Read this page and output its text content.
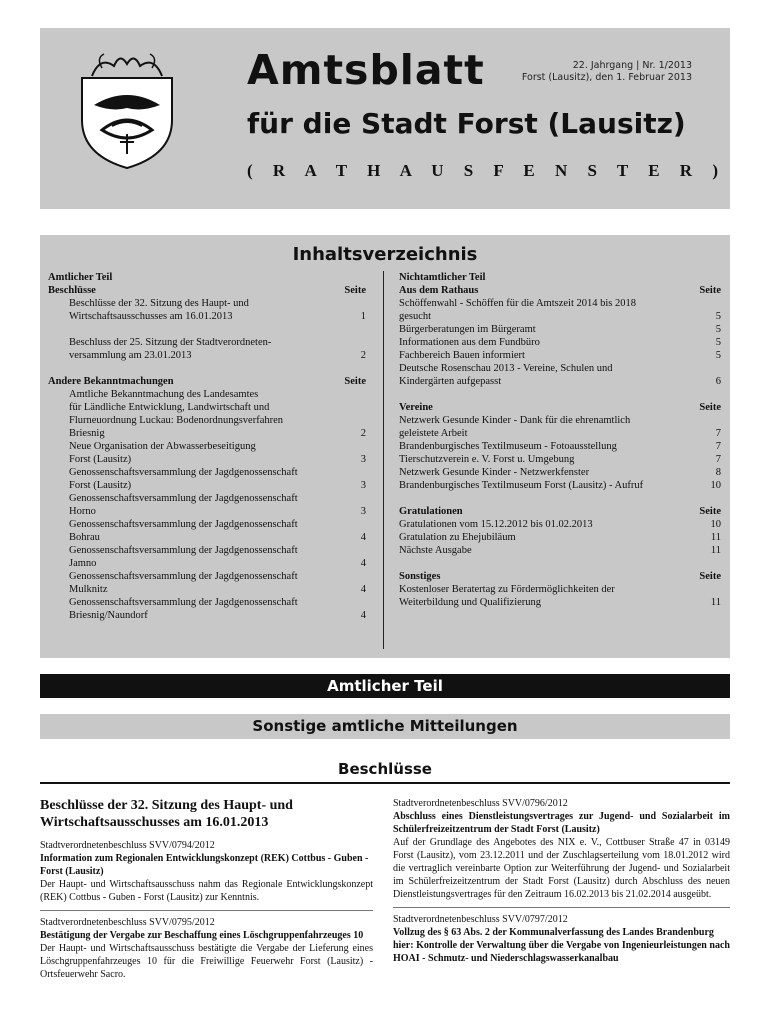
Amtsblatt	22. Jahrgang | Nr. 1/2013
Forst (Lausitz), den 1. Februar 2013
für die Stadt Forst (Lausitz)
( R A T H A U S F E N S T E R )
Inhaltsverzeichnis
Amtlicher Teil
Beschlüsse	Seite
Beschlüsse der 32. Sitzung des Haupt- und
Wirtschaftsausschusses am 16.01.2013	1
Beschluss der 25. Sitzung der Stadtverordneten-
versammlung am 23.01.2013	2
Andere Bekanntmachungen	Seite
Amtliche Bekanntmachung des Landesamtes
für Ländliche Entwicklung, Landwirtschaft und
Flurneuordnung Luckau: Bodenordnungsverfahren
Briesnig	2
Neue Organisation der Abwasserbeseitigung
Forst (Lausitz)	3
Genossenschaftsversammlung der Jagdgenossenschaft
Forst (Lausitz)	3
Genossenschaftsversammlung der Jagdgenossenschaft
Horno	3
Genossenschaftsversammlung der Jagdgenossenschaft
Bohrau	4
Genossenschaftsversammlung der Jagdgenossenschaft
Jamno	4
Genossenschaftsversammlung der Jagdgenossenschaft
Mulknitz	4
Genossenschaftsversammlung der Jagdgenossenschaft
Briesnig/Naundorf	4
Nichtamtlicher Teil
Aus dem Rathaus	Seite
Schöffenwahl - Schöffen für die Amtszeit 2014 bis 2018
gesucht	5
Bürgerberatungen im Bürgeramt	5
Informationen aus dem Fundbüro	5
Fachbereich Bauen informiert	5
Deutsche Rosenschau 2013 - Vereine, Schulen und
Kindergärten aufgepasst	6
Vereine	Seite
Netzwerk Gesunde Kinder - Dank für die ehrenamtlich
geleistete Arbeit	7
Brandenburgisches Textilmuseum - Fotoausstellung	7
Tierschutzverein e. V. Forst u. Umgebung	7
Netzwerk Gesunde Kinder - Netzwerkfenster	8
Brandenburgisches Textilmuseum Forst (Lausitz) - Aufruf	10
Gratulationen	Seite
Gratulationen vom 15.12.2012 bis 01.02.2013	10
Gratulation zu Ehejubiläum	11
Nächste Ausgabe	11
Sonstiges	Seite
Kostenloser Beratertag zu Fördermöglichkeiten der
Weiterbildung und Qualifizierung	11
Amtlicher Teil
Sonstige amtliche Mitteilungen
Beschlüsse
Beschlüsse der 32. Sitzung des Haupt- und Wirtschaftsausschusses am 16.01.2013
Stadtverordnetenbeschluss SVV/0794/2012
Information zum Regionalen Entwicklungskonzept (REK) Cottbus - Guben - Forst (Lausitz)
Der Haupt- und Wirtschaftsausschuss nahm das Regionale Entwicklungskonzept (REK) Cottbus - Guben - Forst (Lausitz) zur Kenntnis.
Stadtverordnetenbeschluss SVV/0795/2012
Bestätigung der Vergabe zur Beschaffung eines Löschgruppenfahrzeuges 10
Der Haupt- und Wirtschaftsausschuss bestätigte die Vergabe der Lieferung eines Löschgruppenfahrzeuges 10 für die Freiwillige Feuerwehr Forst (Lausitz) - Ortsfeuerwehr Sacro.
Stadtverordnetenbeschluss SVV/0796/2012
Abschluss eines Dienstleistungsvertrages zur Jugend- und Sozialarbeit im Schülerfreizeitzentrum der Stadt Forst (Lausitz)
Auf der Grundlage des Angebotes des NIX e. V., Cottbuser Straße 47 in 03149 Forst (Lausitz), vom 23.12.2011 und der Zuschlagserteilung vom 18.01.2012 wird die vertraglich vereinbarte Option zur Weiterführung der Jugend- und Sozialarbeit im Schülerfreizeitzentrum der Stadt Forst (Lausitz) durch Abschluss des neuen Dienstleistungsvertrages für den Zeitraum 16.02.2013 bis 21.02.2014 ausgeübt.
Stadtverordnetenbeschluss SVV/0797/2012
Vollzug des § 63 Abs. 2 der Kommunalverfassung des Landes Brandenburg
hier: Kontrolle der Verwaltung über die Vergabe von Ingenieurleistungen nach HOAI - Schmutz- und Niederschlagswasserkanalbau
